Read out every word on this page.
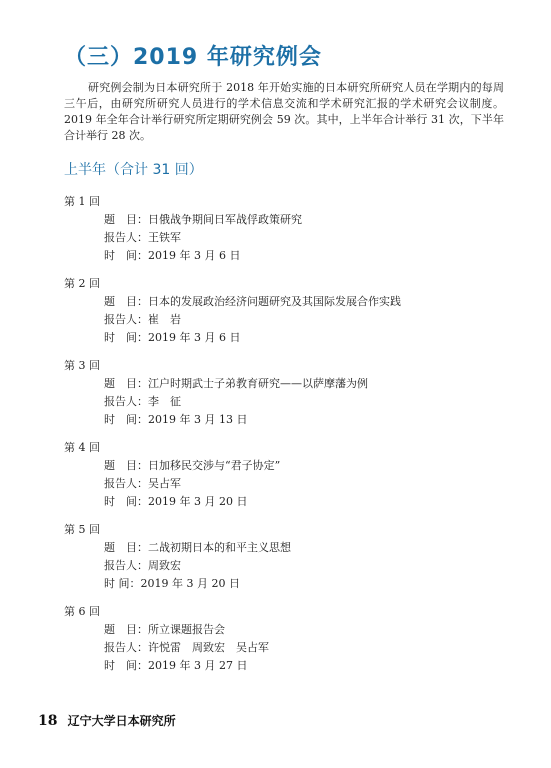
（三）2019 年研究例会

研究例会制为日本研究所于 2018 年开始实施的日本研究所研究人员在学期内的每周三午后，由研究所研究人员进行的学术信息交流和学术研究汇报的学术研究会议制度。2019 年全年合计举行研究所定期研究例会 59 次。其中，上半年合计举行 31 次，下半年合计举行 28 次。

上半年（合计 31 回）
第 1 回
题　目：日俄战争期间日军战俘政策研究
报告人：王铁军
时　间：2019 年 3 月 6 日
第 2 回
题　目：日本的发展政治经济问题研究及其国际发展合作实践
报告人：崔　岩
时　间：2019 年 3 月 6 日
第 3 回
题　目：江户时期武士子弟教育研究——以萨摩藩为例
报告人：李　征
时　间：2019 年 3 月 13 日
第 4 回
题　目：日加移民交涉与“君子协定”
报告人：吴占军
时　间：2019 年 3 月 20 日
第 5 回
题　目：二战初期日本的和平主义思想
报告人：周致宏
时 间：2019 年 3 月 20 日
第 6 回
题　目：所立课题报告会
报告人：许悦雷　周致宏　吴占军
时　间：2019 年 3 月 27 日
18 辽宁大学日本研究所
